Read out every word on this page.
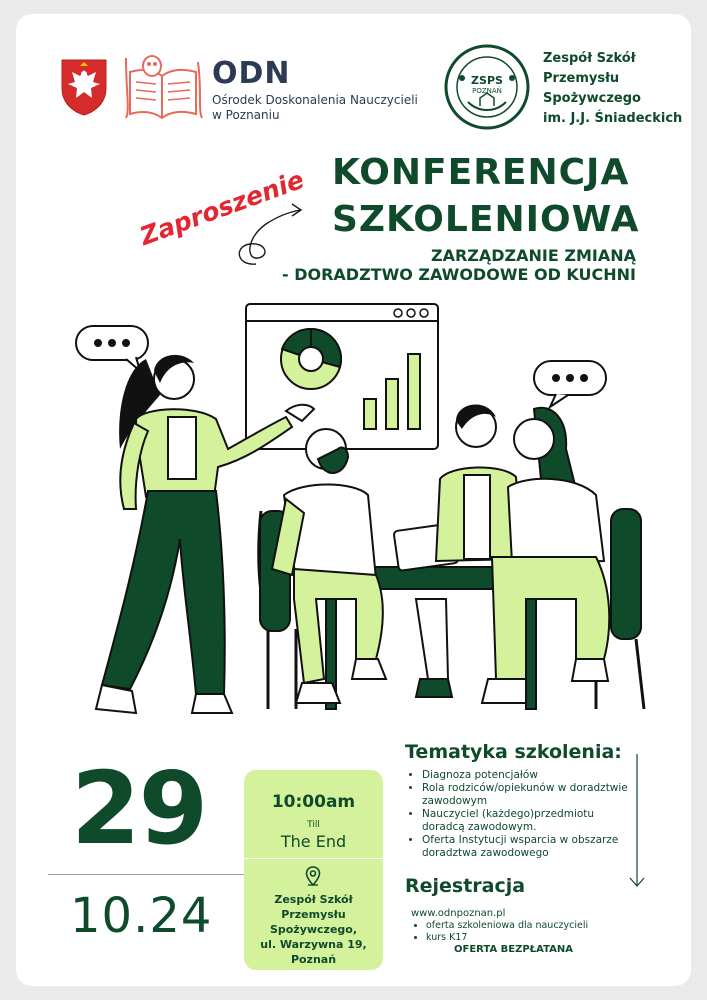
ODN
Ośrodek Doskonalenia Nauczycieli
w Poznaniu
ZSPS
POZNAŃ
Zespół Szkół
Przemysłu
Spożywczego
im. J.J. Śniadeckich
Zaproszenie KONFERENCJA
SZKOLENIOWA
ZARZĄDZANIE ZMIANĄ
- DORADZTWO ZAWODOWE OD KUCHNI
29
10.24
10:00am
Till
The End
Zespół Szkół
Przemysłu
Spożywczego,
ul. Warzywna 19,
Poznań
Tematyka szkolenia:
• Diagnoza potencjałów
• Rola rodziców/opiekunów w doradztwie zawodowym
• Nauczyciel (każdego)przedmiotu doradcą zawodowym.
• Oferta Instytucji wsparcia w obszarze doradztwa zawodowego
Rejestracja
www.odnpoznan.pl
• oferta szkoleniowa dla nauczycieli
• kurs K17
OFERTA BEZPŁATANA
